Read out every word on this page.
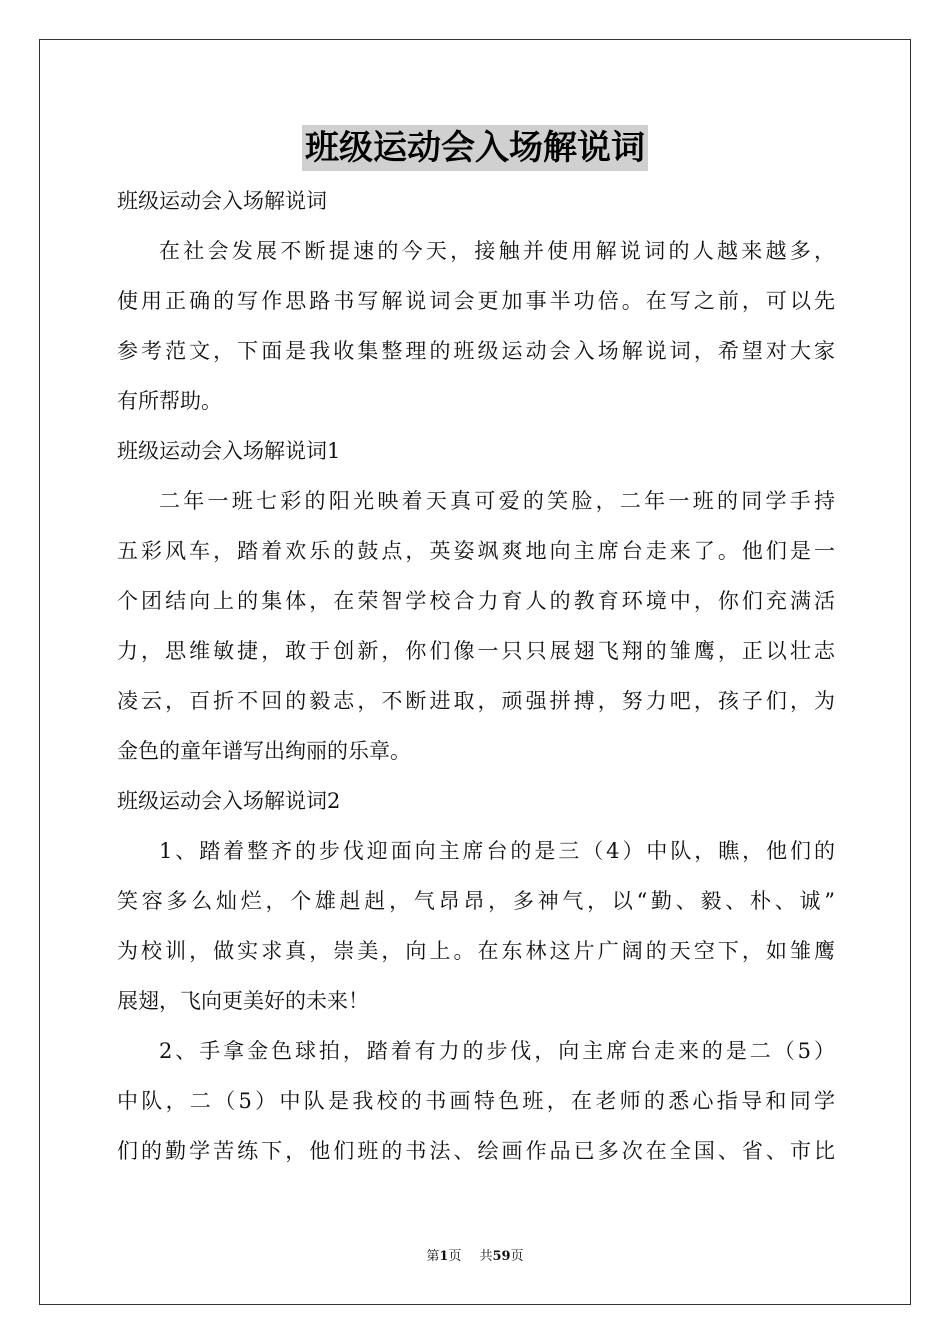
班级运动会入场解说词
班级运动会入场解说词
在社会发展不断提速的今天，接触并使用解说词的人越来越多，
使用正确的写作思路书写解说词会更加事半功倍。在写之前，可以先
参考范文，下面是我收集整理的班级运动会入场解说词，希望对大家
有所帮助。
班级运动会入场解说词1
二年一班七彩的阳光映着天真可爱的笑脸，二年一班的同学手持
五彩风车，踏着欢乐的鼓点，英姿飒爽地向主席台走来了。他们是一
个团结向上的集体，在荣智学校合力育人的教育环境中，你们充满活
力，思维敏捷，敢于创新，你们像一只只展翅飞翔的雏鹰，正以壮志
凌云，百折不回的毅志，不断进取，顽强拼搏，努力吧，孩子们，为
金色的童年谱写出绚丽的乐章。
班级运动会入场解说词2
1、踏着整齐的步伐迎面向主席台的是三（4）中队，瞧，他们的
笑容多么灿烂，个雄赳赳，气昂昂，多神气，以“勤、毅、朴、诚”
为校训，做实求真，崇美，向上。在东林这片广阔的天空下，如雏鹰
展翅，飞向更美好的未来！
2、手拿金色球拍，踏着有力的步伐，向主席台走来的是二（5）
中队，二（5）中队是我校的书画特色班，在老师的悉心指导和同学
们的勤学苦练下，他们班的书法、绘画作品已多次在全国、省、市比
第1页 共59页
